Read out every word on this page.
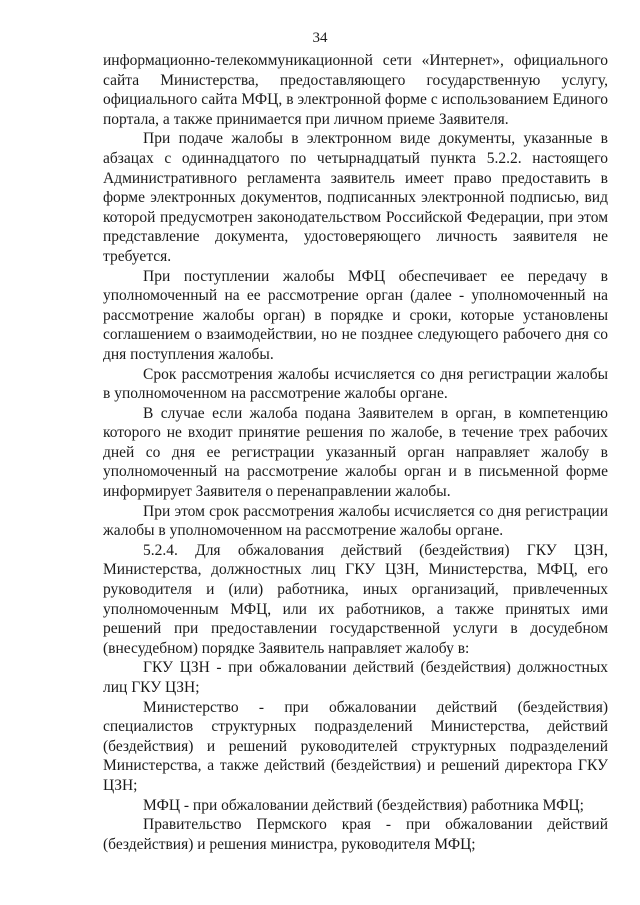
34

информационно-телекоммуникационной сети «Интернет», официального сайта Министерства, предоставляющего государственную услугу, официального сайта МФЦ, в электронной форме с использованием Единого портала, а также принимается при личном приеме Заявителя.

При подаче жалобы в электронном виде документы, указанные в абзацах с одиннадцатого по четырнадцатый пункта 5.2.2. настоящего Административного регламента заявитель имеет право предоставить в форме электронных документов, подписанных электронной подписью, вид которой предусмотрен законодательством Российской Федерации, при этом представление документа, удостоверяющего личность заявителя не требуется.

При поступлении жалобы МФЦ обеспечивает ее передачу в уполномоченный на ее рассмотрение орган (далее - уполномоченный на рассмотрение жалобы орган) в порядке и сроки, которые установлены соглашением о взаимодействии, но не позднее следующего рабочего дня со дня поступления жалобы.

Срок рассмотрения жалобы исчисляется со дня регистрации жалобы в уполномоченном на рассмотрение жалобы органе.

В случае если жалоба подана Заявителем в орган, в компетенцию которого не входит принятие решения по жалобе, в течение трех рабочих дней со дня ее регистрации указанный орган направляет жалобу в уполномоченный на рассмотрение жалобы орган и в письменной форме информирует Заявителя о перенаправлении жалобы.

При этом срок рассмотрения жалобы исчисляется со дня регистрации жалобы в уполномоченном на рассмотрение жалобы органе.

5.2.4. Для обжалования действий (бездействия) ГКУ ЦЗН, Министерства, должностных лиц ГКУ ЦЗН, Министерства, МФЦ, его руководителя и (или) работника, иных организаций, привлеченных уполномоченным МФЦ, или их работников, а также принятых ими решений при предоставлении государственной услуги в досудебном (внесудебном) порядке Заявитель направляет жалобу в:

ГКУ ЦЗН - при обжаловании действий (бездействия) должностных лиц ГКУ ЦЗН;

Министерство - при обжаловании действий (бездействия) специалистов структурных подразделений Министерства, действий (бездействия) и решений руководителей структурных подразделений Министерства, а также действий (бездействия) и решений директора ГКУ ЦЗН;

МФЦ - при обжаловании действий (бездействия) работника МФЦ;

Правительство Пермского края - при обжаловании действий (бездействия) и решения министра, руководителя МФЦ;
